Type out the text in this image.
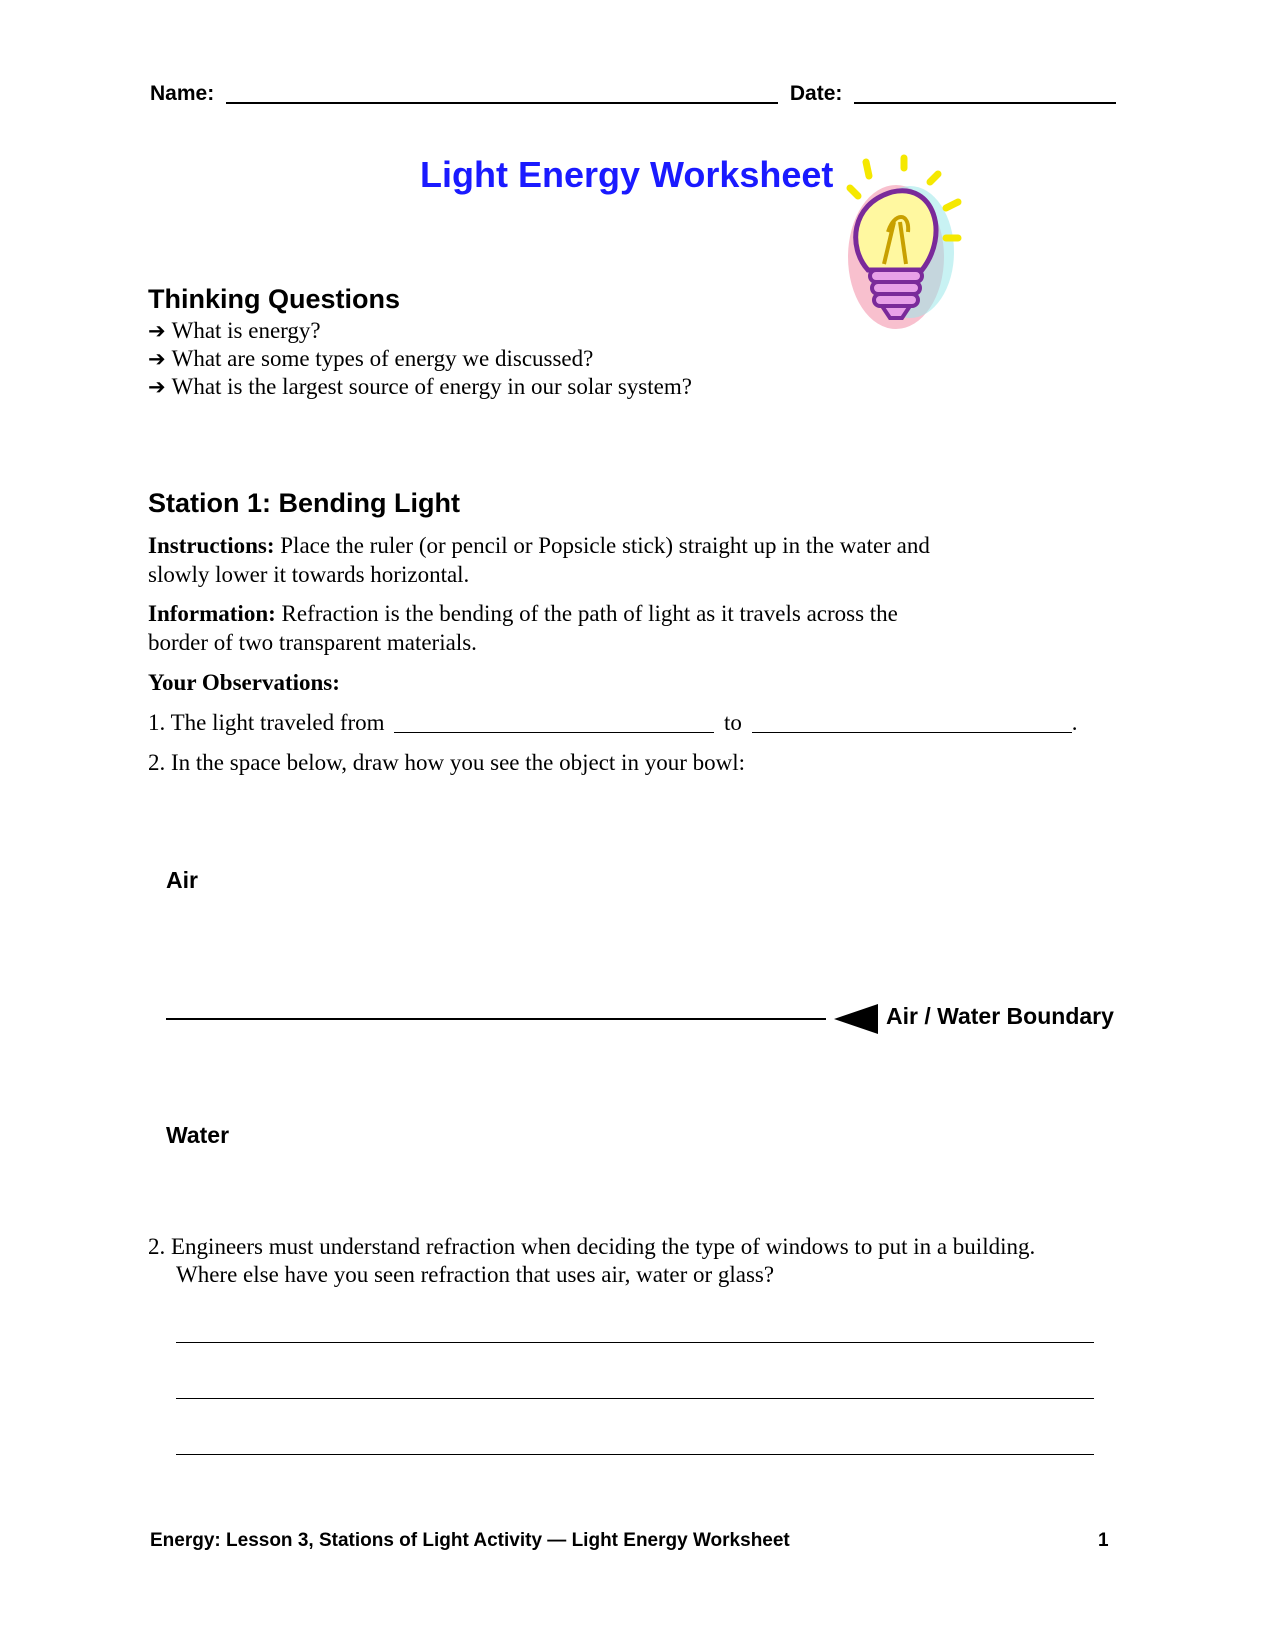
Name:	Date:
Light Energy Worksheet
Thinking Questions
➔ What is energy?
➔ What are some types of energy we discussed?
➔ What is the largest source of energy in our solar system?
Station 1: Bending Light
Instructions: Place the ruler (or pencil or Popsicle stick) straight up in the water and slowly lower it towards horizontal.
Information: Refraction is the bending of the path of light as it travels across the border of two transparent materials.
Your Observations:
1. The light traveled from	to	.
2. In the space below, draw how you see the object in your bowl:
Air
Air / Water Boundary
Water
2. Engineers must understand refraction when deciding the type of windows to put in a building.
Where else have you seen refraction that uses air, water or glass?
Energy: Lesson 3, Stations of Light Activity — Light Energy Worksheet	1
